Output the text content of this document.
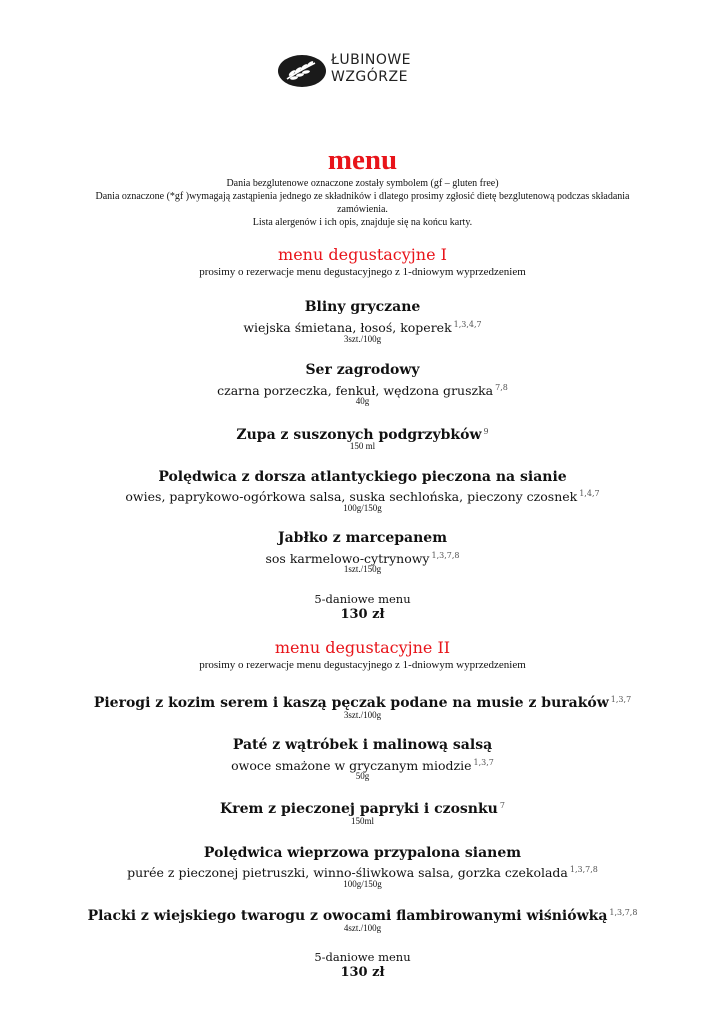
ŁUBINOWE
WZGÓRZE
menu
Dania bezglutenowe oznaczone zostały symbolem (gf – gluten free)
Dania oznaczone (*gf )wymagają zastąpienia jednego ze składników i dlatego prosimy zgłosić dietę bezglutenową podczas składania
zamówienia.
Lista alergenów i ich opis, znajduje się na końcu karty.
menu degustacyjne I
prosimy o rezerwacje menu degustacyjnego z 1-dniowym wyprzedzeniem
Bliny gryczane
wiejska śmietana, łosoś, koperek $^{1,3,4,7}$
3szt./100g
Ser zagrodowy
czarna porzeczka, fenkuł, wędzona gruszka $^{7,8}$
40g
Zupa z suszonych podgrzybków $^9$
150 ml
Polędwica z dorsza atlantyckiego pieczona na sianie
owies, paprykowo-ogórkowa salsa, suska sechlońska, pieczony czosnek $^{1,4,7}$
100g/150g
Jabłko z marcepanem
sos karmelowo-cytrynowy $^{1,3,7,8}$
1szt./150g
5-daniowe menu
130 zł
menu degustacyjne II
prosimy o rezerwacje menu degustacyjnego z 1-dniowym wyprzedzeniem
Pierogi z kozim serem i kaszą pęczak podane na musie z buraków $^{1,3,7}$
3szt./100g
Paté z wątróbek i malinową salsą
owoce smażone w gryczanym miodzie $^{1,3,7}$
50g
Krem z pieczonej papryki i czosnku $^7$
150ml
Polędwica wieprzowa przypalona sianem
purée z pieczonej pietruszki, winno-śliwkowa salsa, gorzka czekolada $^{1,3,7,8}$
100g/150g
Placki z wiejskiego twarogu z owocami flambirowanymi wiśniówką $^{1,3,7,8}$
4szt./100g
5-daniowe menu
130 zł
